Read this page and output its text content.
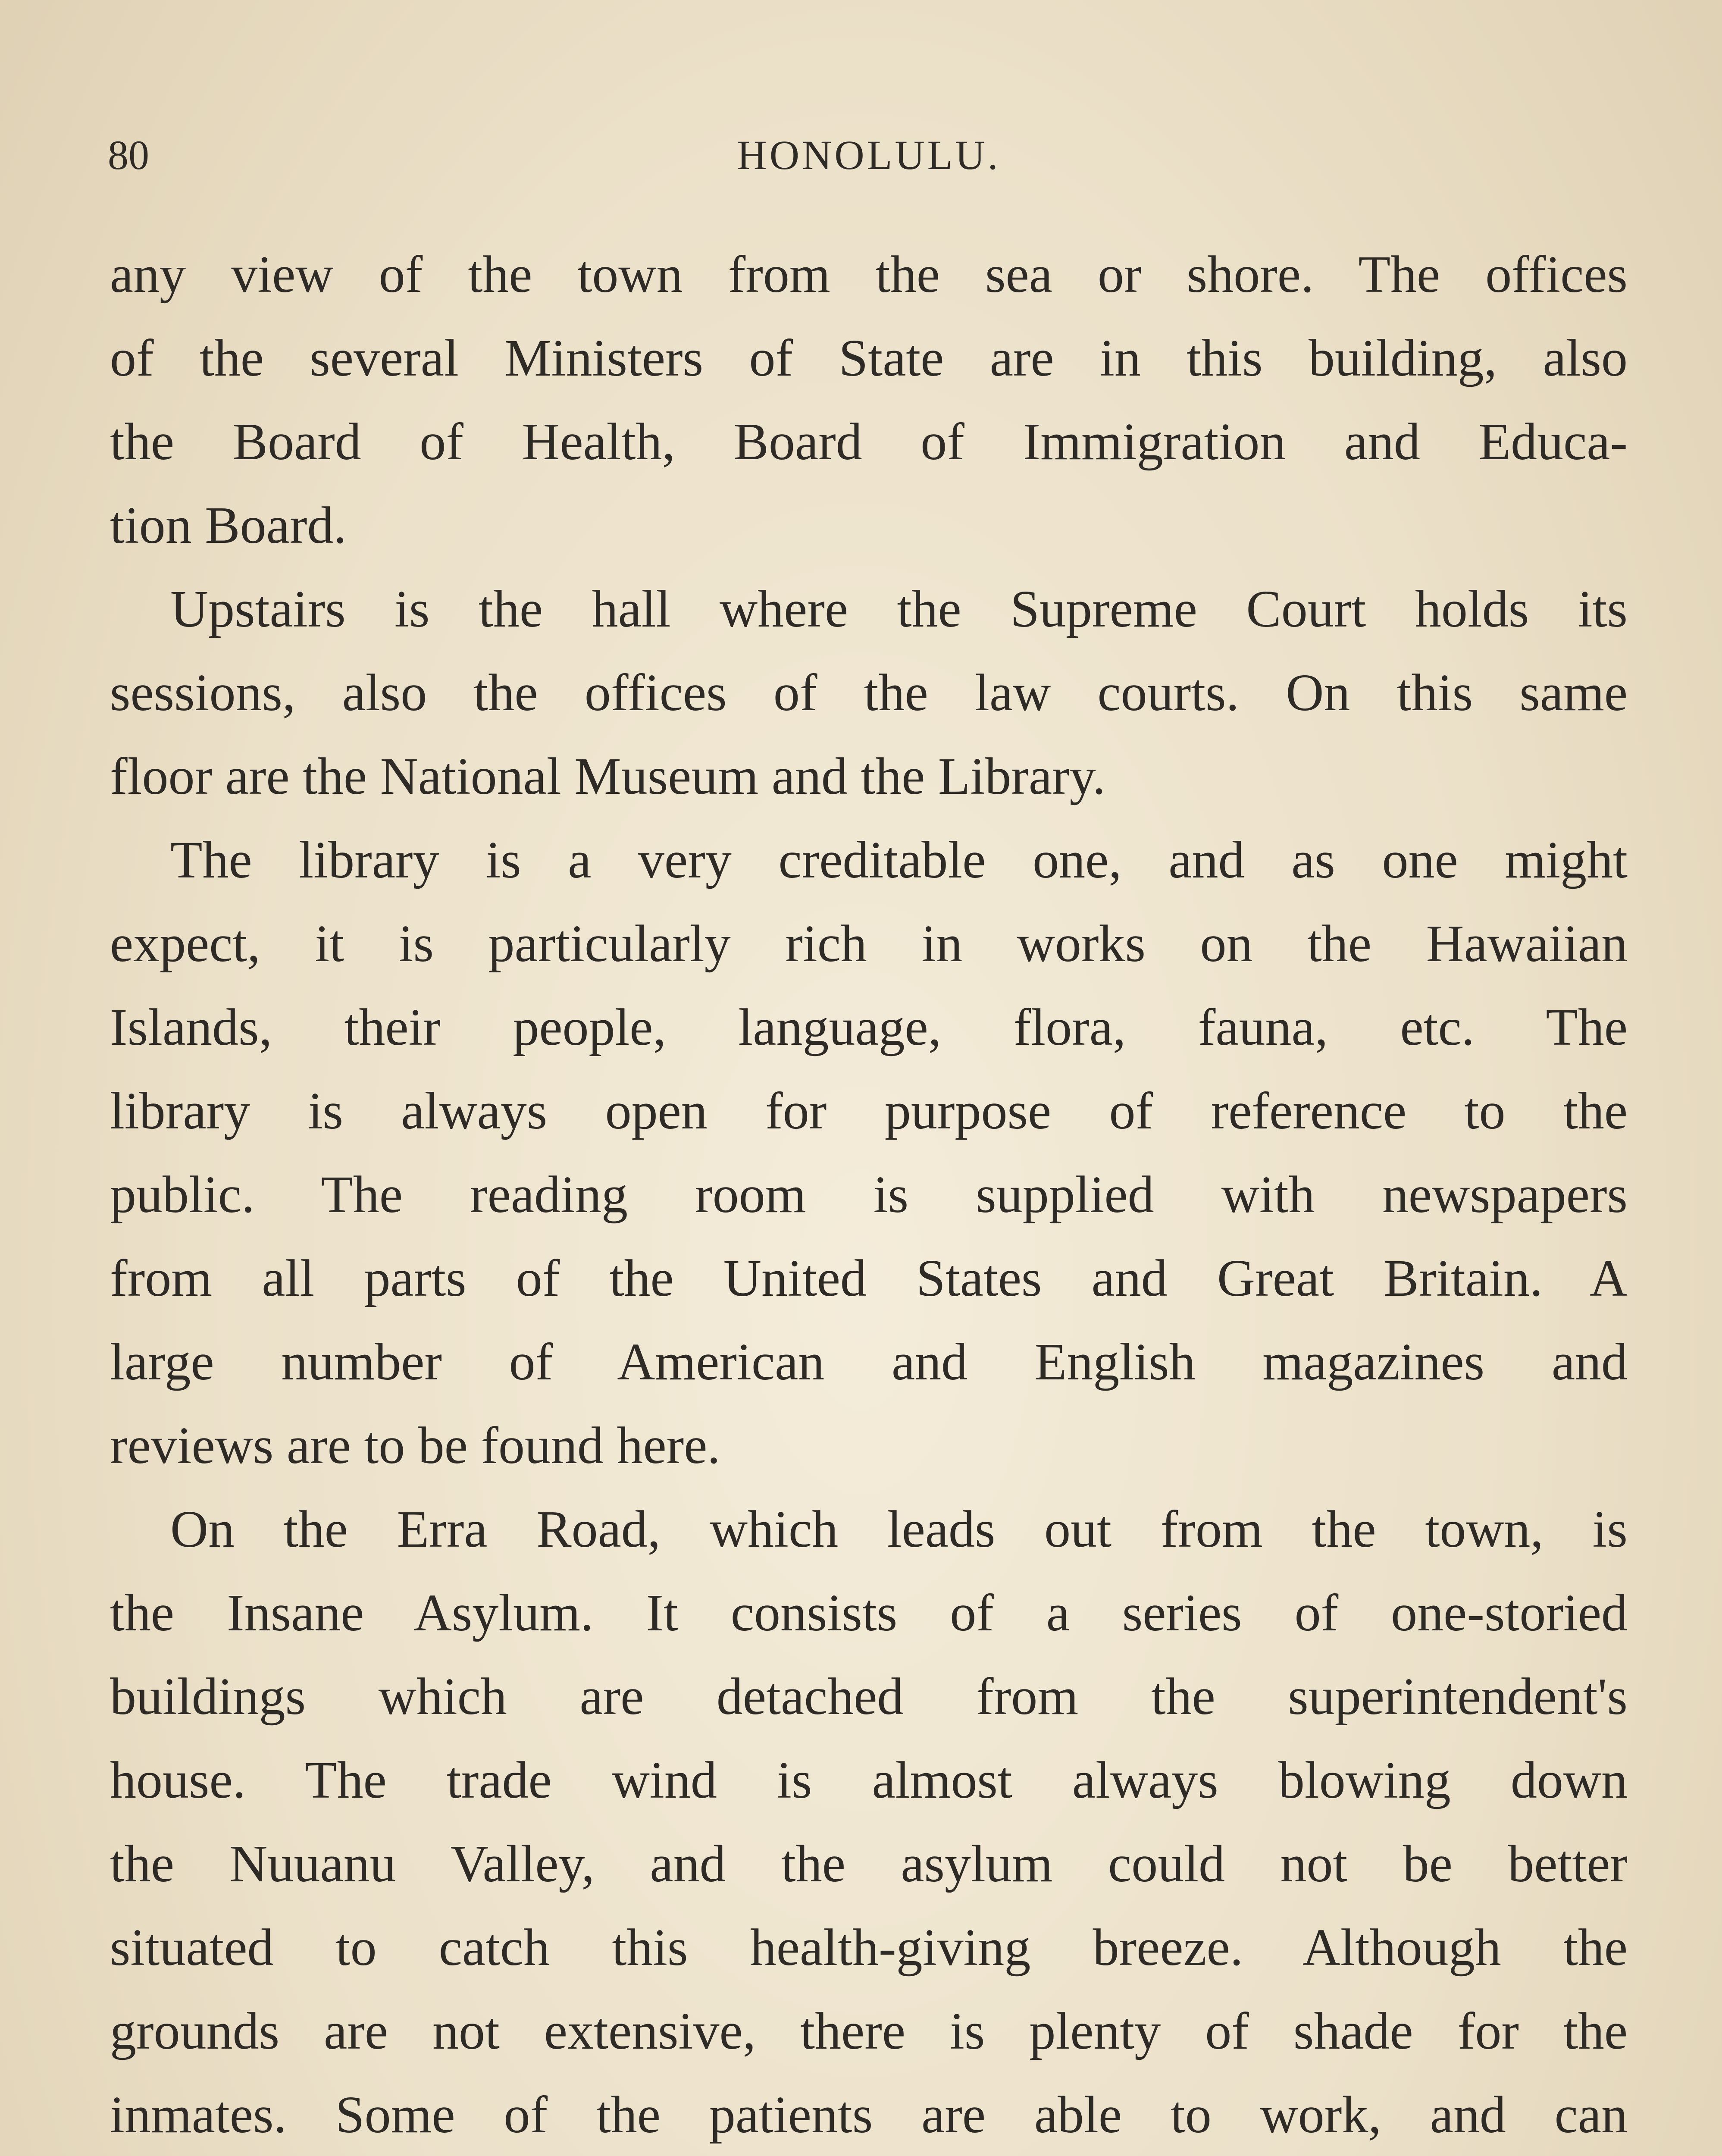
80	HONOLULU.
any view of the town from the sea or shore. The offices
of the several Ministers of State are in this building, also
the Board of Health, Board of Immigration and Educa-
tion Board.
Upstairs is the hall where the Supreme Court holds its
sessions, also the offices of the law courts. On this same
floor are the National Museum and the Library.
The library is a very creditable one, and as one might
expect, it is particularly rich in works on the Hawaiian
Islands, their people, language, flora, fauna, etc. The
library is always open for purpose of reference to the
public. The reading room is supplied with newspapers
from all parts of the United States and Great Britain. A
large number of American and English magazines and
reviews are to be found here.
On the Erra Road, which leads out from the town, is
the Insane Asylum. It consists of a series of one-storied
buildings which are detached from the superintendent's
house. The trade wind is almost always blowing down
the Nuuanu Valley, and the asylum could not be better
situated to catch this health-giving breeze. Although the
grounds are not extensive, there is plenty of shade for the
inmates. Some of the patients are able to work, and can
